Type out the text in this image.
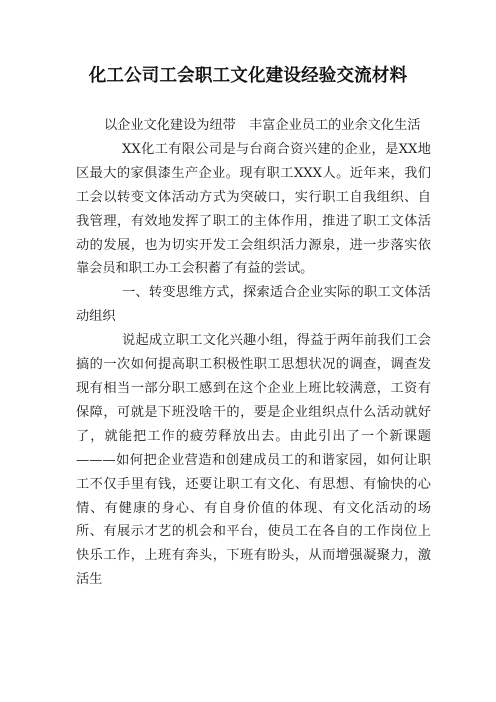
化工公司工会职工文化建设经验交流材料

以企业文化建设为纽带　丰富企业员工的业余文化生活

XX化工有限公司是与台商合资兴建的企业，是XX地区最大的家俱漆生产企业。现有职工XXX人。近年来，我们工会以转变文体活动方式为突破口，实行职工自我组织、自我管理，有效地发挥了职工的主体作用，推进了职工文体活动的发展，也为切实开发工会组织活力源泉，进一步落实依靠会员和职工办工会积蓄了有益的尝试。

一、转变思维方式，探索适合企业实际的职工文体活动组织

说起成立职工文化兴趣小组，得益于两年前我们工会搞的一次如何提高职工积极性职工思想状况的调查，调查发现有相当一部分职工感到在这个企业上班比较满意，工资有保障，可就是下班没啥干的，要是企业组织点什么活动就好了，就能把工作的疲劳释放出去。由此引出了一个新课题———如何把企业营造和创建成员工的和谐家园，如何让职工不仅手里有钱，还要让职工有文化、有思想、有愉快的心情、有健康的身心、有自身价值的体现、有文化活动的场所、有展示才艺的机会和平台，使员工在各自的工作岗位上快乐工作，上班有奔头，下班有盼头，从而增强凝聚力，激活生
